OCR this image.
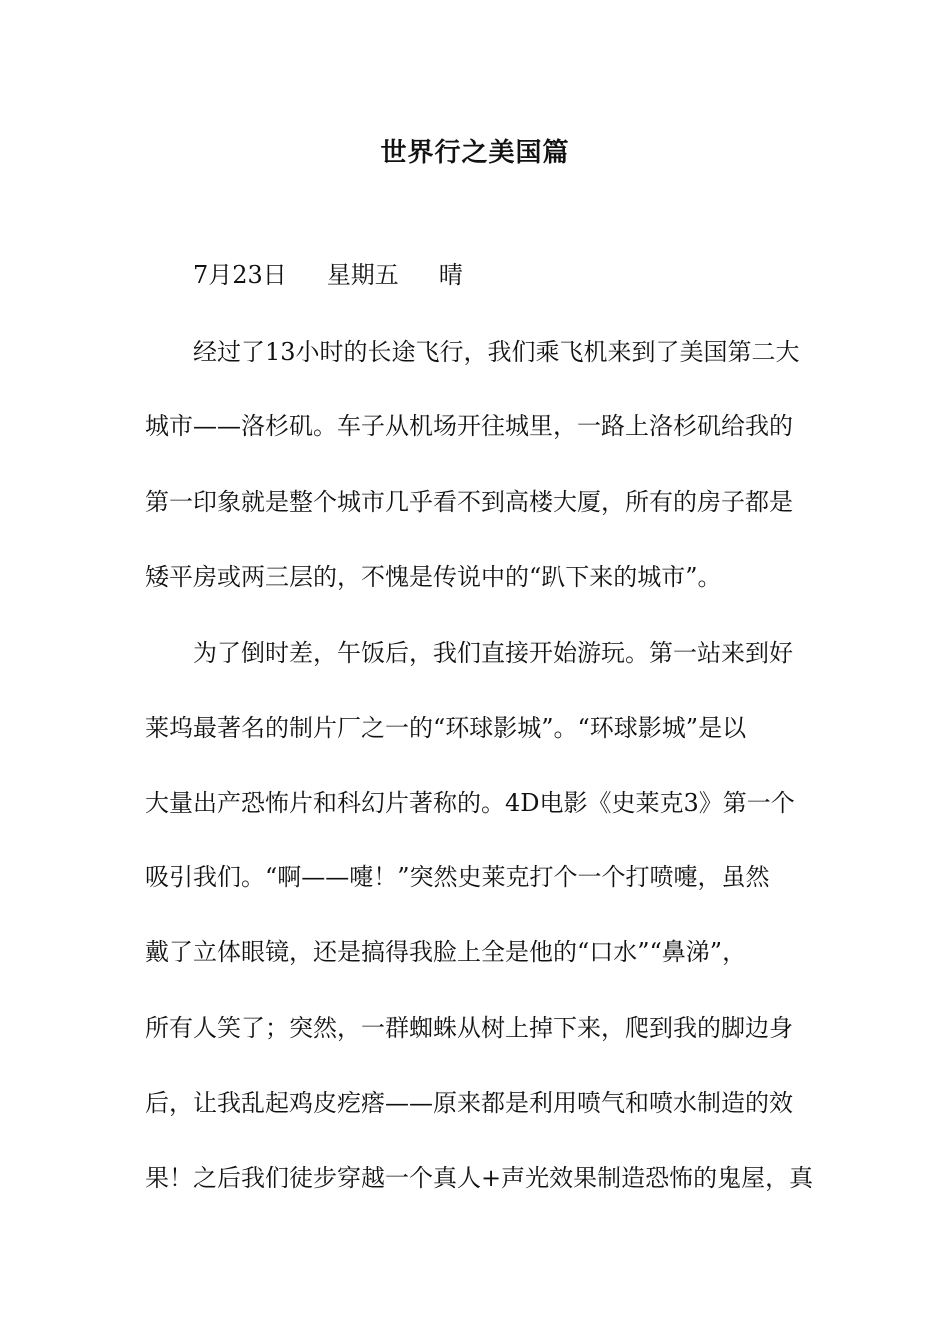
世界行之美国篇
7月23日 星期五 晴
经过了13小时的长途飞行，我们乘飞机来到了美国第二大
城市——洛杉矶。车子从机场开往城里，一路上洛杉矶给我的
第一印象就是整个城市几乎看不到高楼大厦，所有的房子都是
矮平房或两三层的，不愧是传说中的“趴下来的城市”。
为了倒时差，午饭后，我们直接开始游玩。第一站来到好
莱坞最著名的制片厂之一的“环球影城”。“环球影城”是以
大量出产恐怖片和科幻片著称的。4D电影《史莱克3》第一个
吸引我们。“啊——嚏！”突然史莱克打个一个打喷嚏，虽然
戴了立体眼镜，还是搞得我脸上全是他的“口水”“鼻涕”，
所有人笑了；突然，一群蜘蛛从树上掉下来，爬到我的脚边身
后，让我乱起鸡皮疙瘩——原来都是利用喷气和喷水制造的效
果！之后我们徒步穿越一个真人+声光效果制造恐怖的鬼屋，真
